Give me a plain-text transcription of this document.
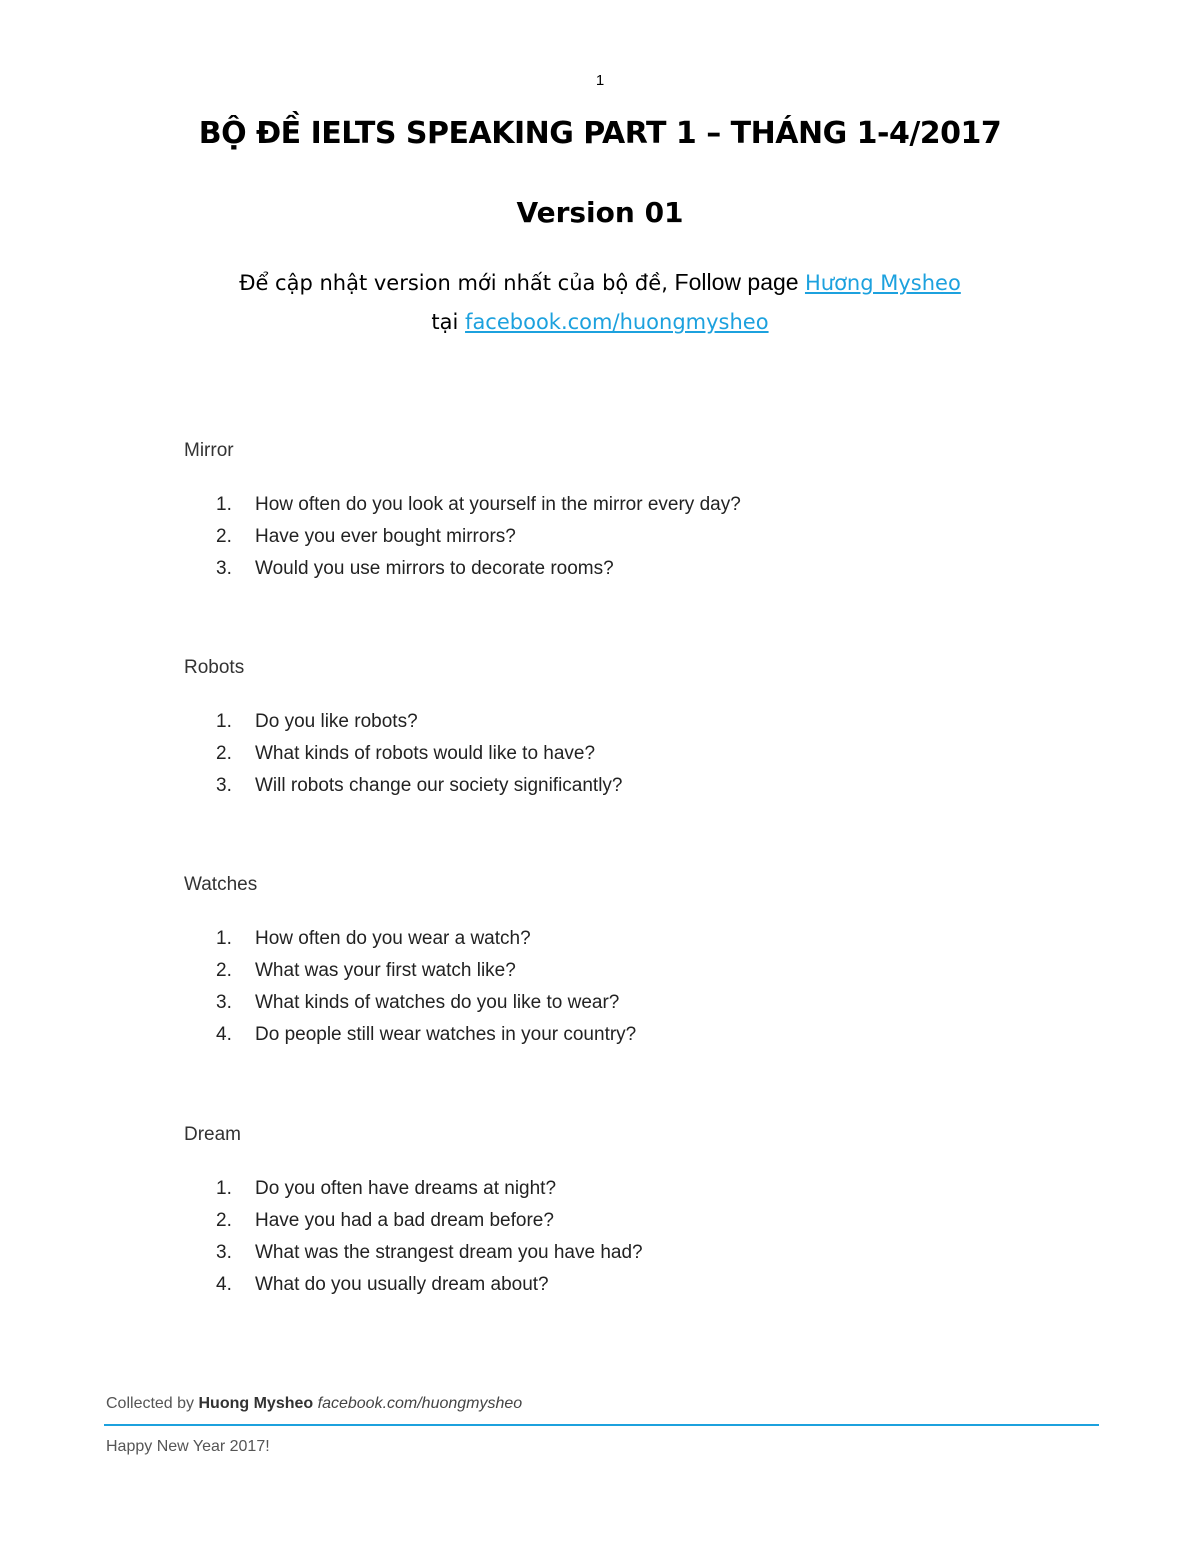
1
BỘ ĐỀ IELTS SPEAKING PART 1 – THÁNG 1-4/2017
Version 01
Để cập nhật version mới nhất của bộ đề, Follow page Hương Mysheo
tại facebook.com/huongmysheo
Mirror
1.	How often do you look at yourself in the mirror every day?
2.	Have you ever bought mirrors?
3.	Would you use mirrors to decorate rooms?
Robots
1.	Do you like robots?
2.	What kinds of robots would like to have?
3.	Will robots change our society significantly?
Watches
1.	How often do you wear a watch?
2.	What was your first watch like?
3.	What kinds of watches do you like to wear?
4.	Do people still wear watches in your country?
Dream
1.	Do you often have dreams at night?
2.	Have you had a bad dream before?
3.	What was the strangest dream you have had?
4.	What do you usually dream about?
Collected by Huong Mysheo facebook.com/huongmysheo
Happy New Year 2017!
